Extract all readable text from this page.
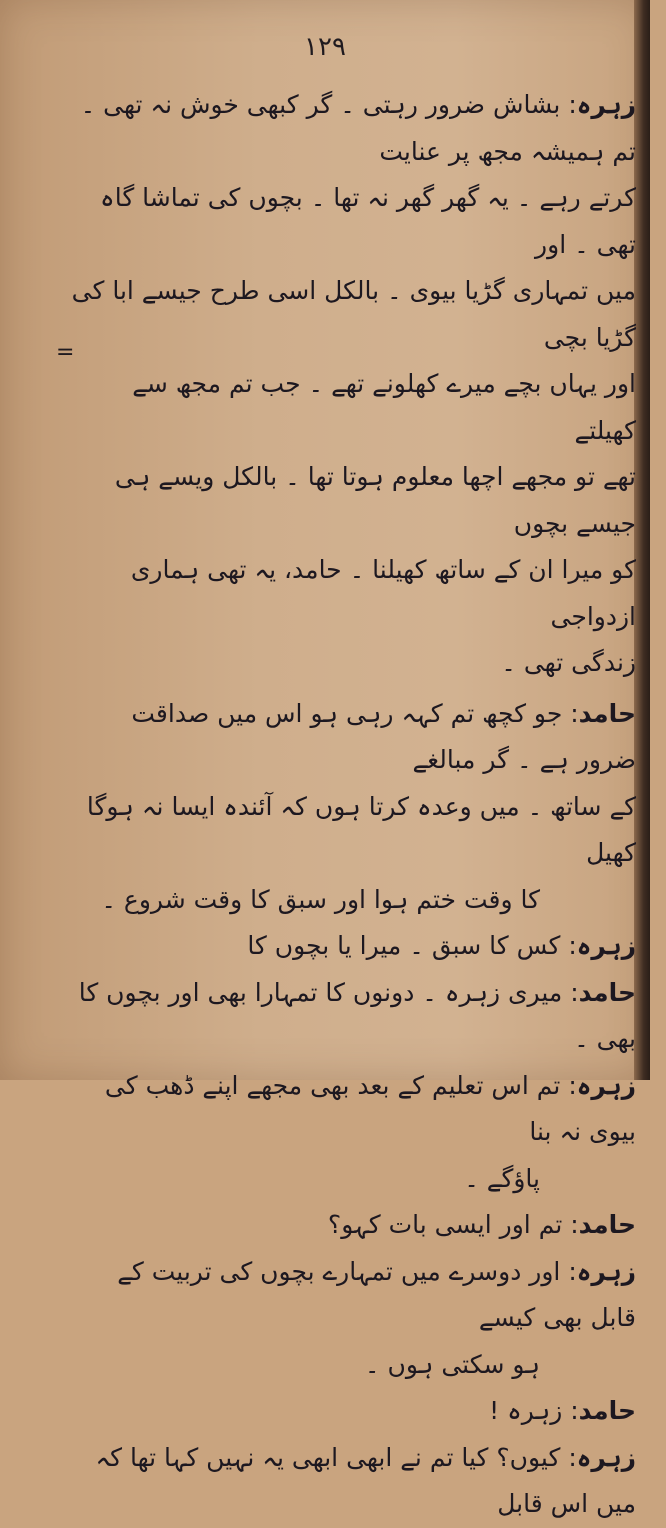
۱۲۹
=

زہرہ: بشاش ضرور رہتی ۔ گر کبھی خوش نہ تھی ۔ تم ہمیشہ مجھ پر عنایت

کرتے رہے ۔ یہ گھر گھر نہ تھا ۔ بچوں کی تماشا گاہ تھی ۔ اور

میں تمہاری گڑیا بیوی ۔ بالکل اسی طرح جیسے ابا کی گڑیا بچی

اور یہاں بچے میرے کھلونے تھے ۔ جب تم مجھ سے کھیلتے

تھے تو مجھے اچھا معلوم ہوتا تھا ۔ بالکل ویسے ہی جیسے بچوں

کو میرا ان کے ساتھ کھیلنا ۔ حامد، یہ تھی ہماری ازدواجی

زندگی تھی ۔

حامد: جو کچھ تم کہہ رہی ہو اس میں صداقت ضرور ہے ۔ گر مبالغے

کے ساتھ ۔ میں وعدہ کرتا ہوں کہ آئندہ ایسا نہ ہوگا کھیل

کا وقت ختم ہوا اور سبق کا وقت شروع ۔

زہرہ: کس کا سبق ۔ میرا یا بچوں کا

حامد: میری زہرہ ۔ دونوں کا تمہارا بھی اور بچوں کا بھی ۔

زہرہ: تم اس تعلیم کے بعد بھی مجھے اپنے ڈھب کی بیوی نہ بنا

پاؤگے ۔

حامد: تم اور ایسی بات کہو؟

زہرہ: اور دوسرے میں تمہارے بچوں کی تربیت کے قابل بھی کیسے

ہو سکتی ہوں ۔

حامد: زہرہ !

زہرہ: کیوں؟ کیا تم نے ابھی ابھی یہ نہیں کہا تھا کہ میں اس قابل
